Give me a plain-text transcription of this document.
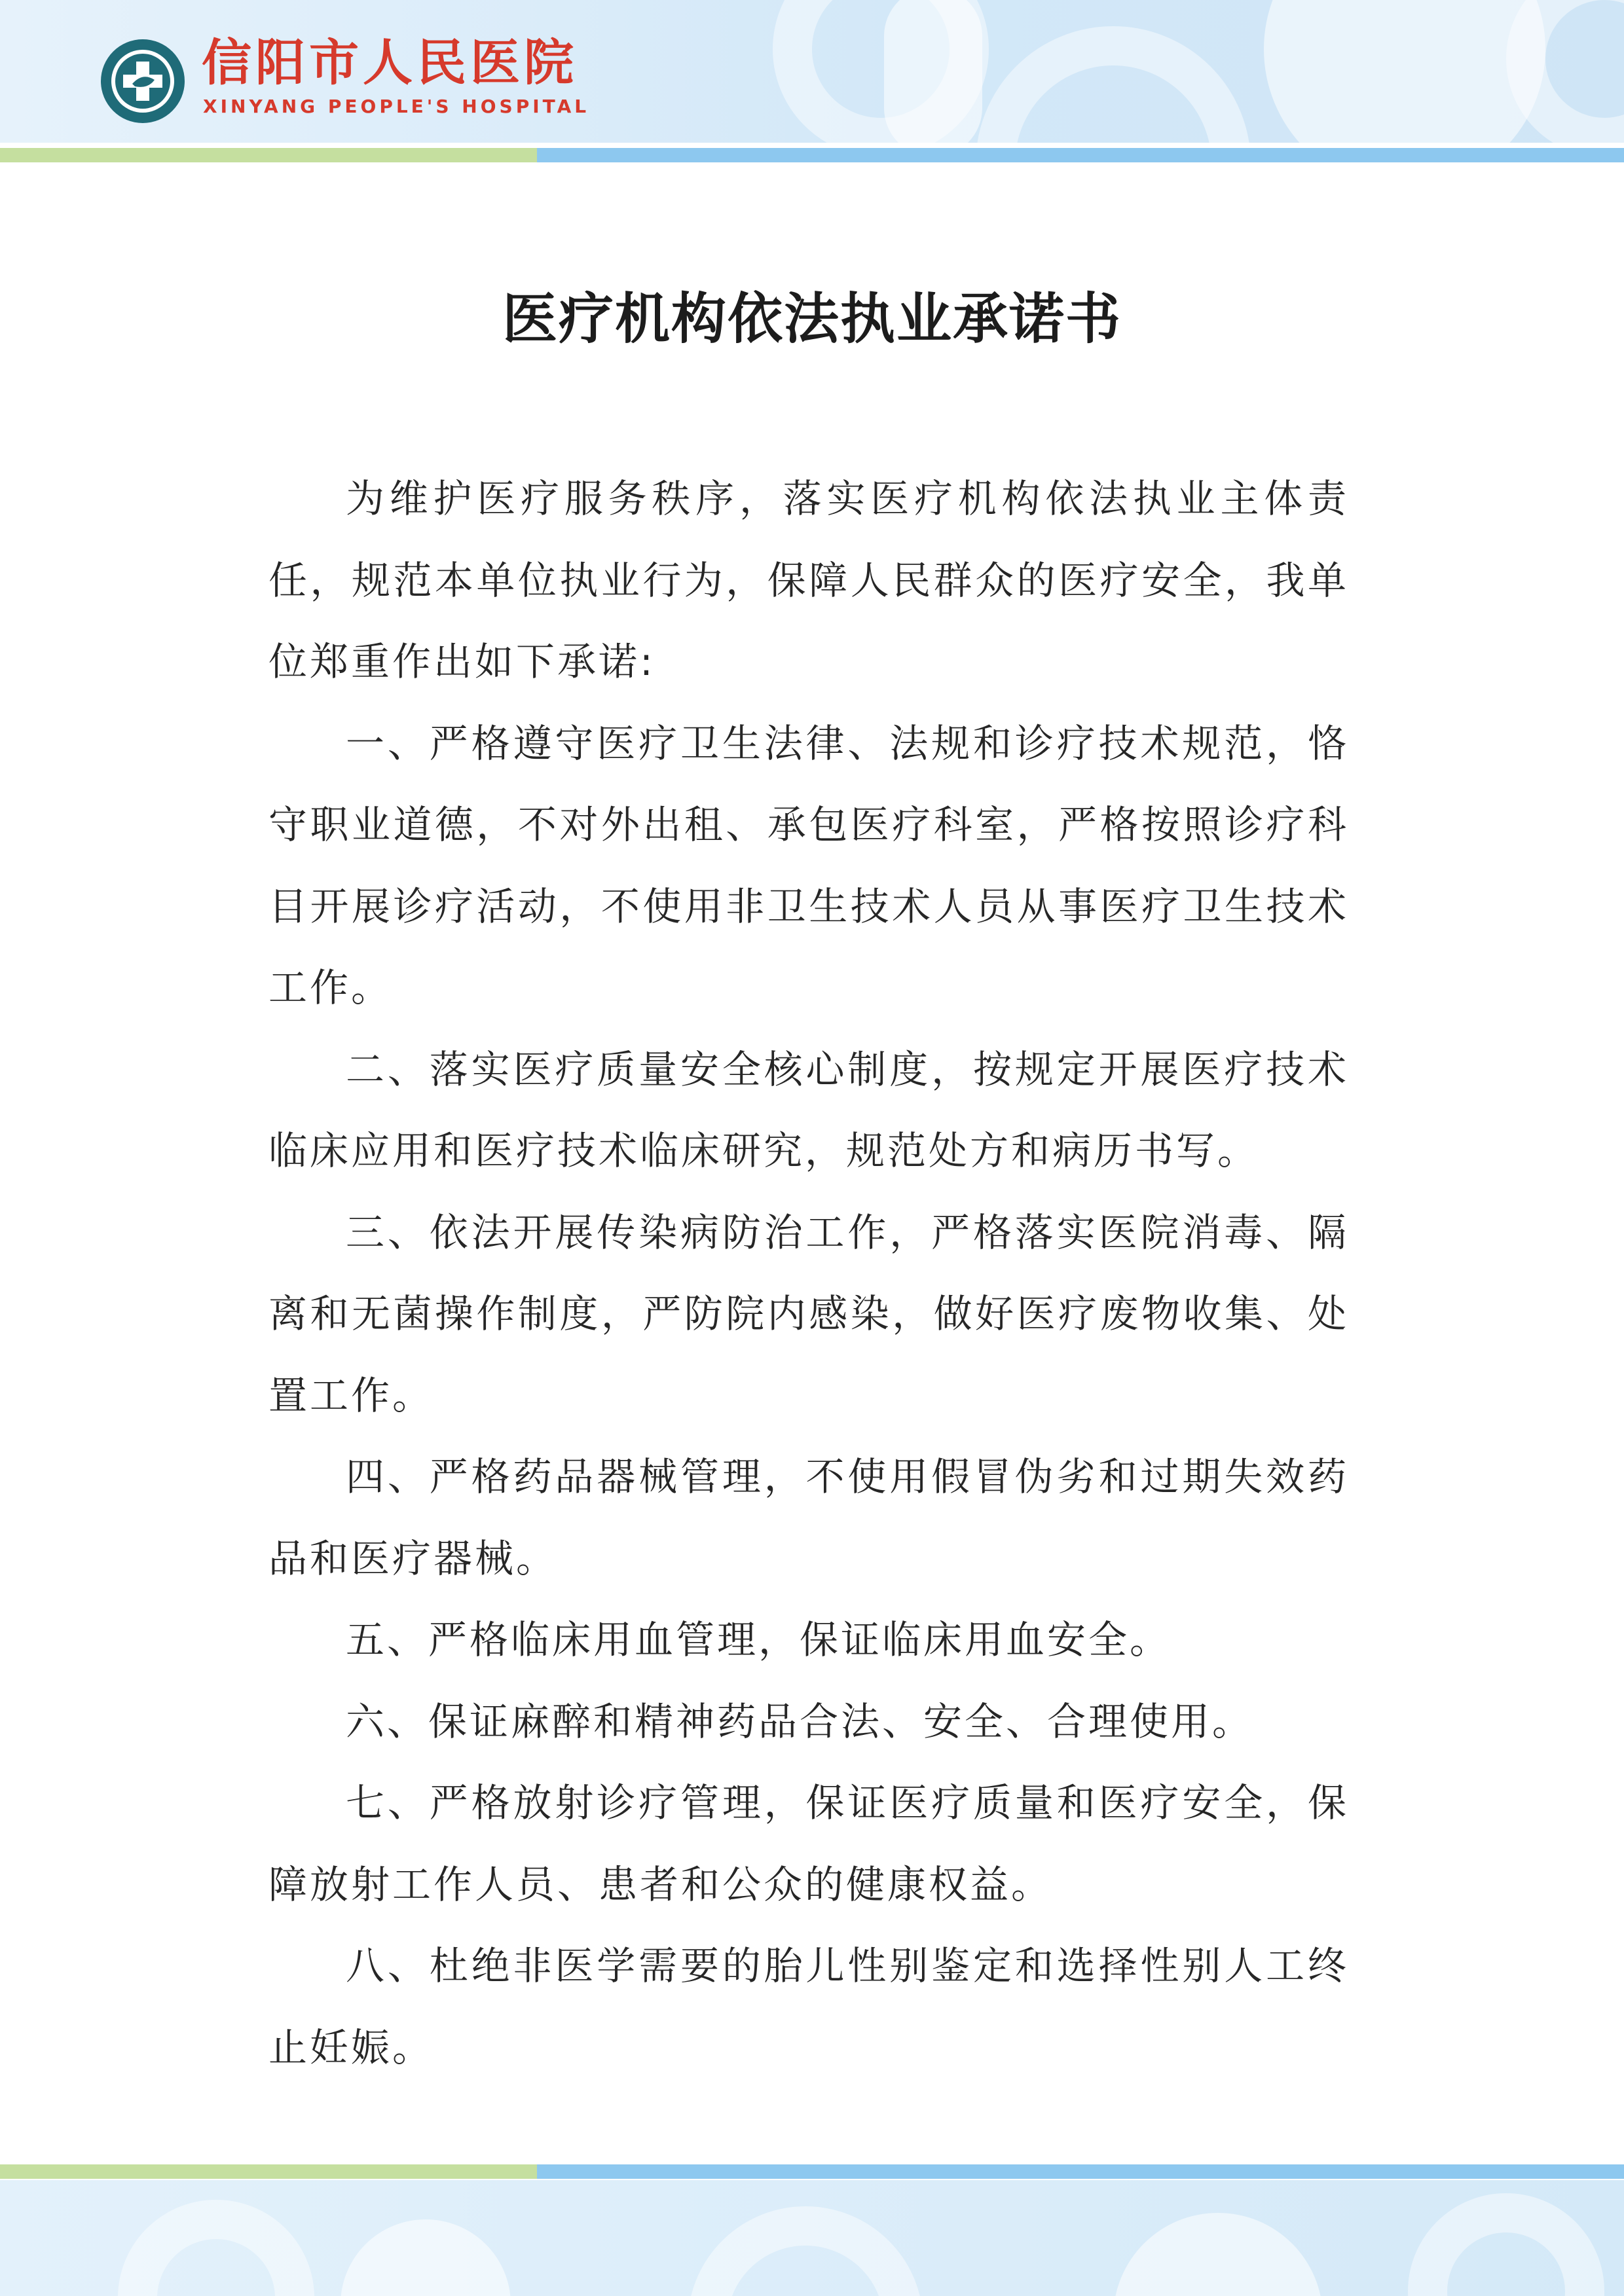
信阳市人民医院
XINYANG PEOPLE'S HOSPITAL
医疗机构依法执业承诺书

为维护医疗服务秩序，落实医疗机构依法执业主体责任，规范本单位执业行为，保障人民群众的医疗安全，我单位郑重作出如下承诺:

一、严格遵守医疗卫生法律、法规和诊疗技术规范，恪守职业道德，不对外出租、承包医疗科室，严格按照诊疗科目开展诊疗活动，不使用非卫生技术人员从事医疗卫生技术工作。

二、落实医疗质量安全核心制度，按规定开展医疗技术临床应用和医疗技术临床研究，规范处方和病历书写。

三、依法开展传染病防治工作，严格落实医院消毒、隔离和无菌操作制度，严防院内感染，做好医疗废物收集、处置工作。

四、严格药品器械管理，不使用假冒伪劣和过期失效药品和医疗器械。

五、严格临床用血管理，保证临床用血安全。

六、保证麻醉和精神药品合法、安全、合理使用。

七、严格放射诊疗管理，保证医疗质量和医疗安全，保障放射工作人员、患者和公众的健康权益。

八、杜绝非医学需要的胎儿性别鉴定和选择性别人工终止妊娠。
